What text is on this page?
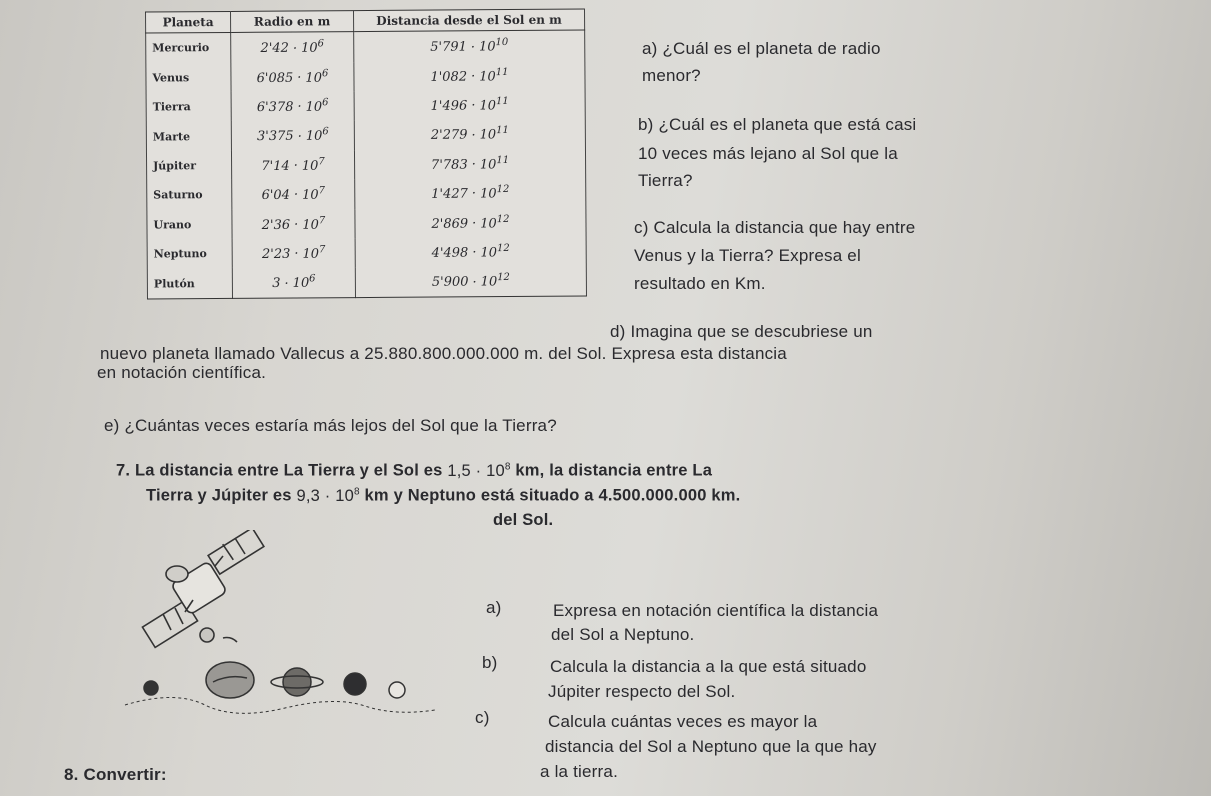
Planeta	Radio en m	Distancia desde el Sol en m
Mercurio	$2'42 \cdot 10^6$	$5'791 \cdot 10^{10}$
Venus	$6'085 \cdot 10^6$	$1'082 \cdot 10^{11}$
Tierra	$6'378 \cdot 10^6$	$1'496 \cdot 10^{11}$
Marte	$3'375 \cdot 10^6$	$2'279 \cdot 10^{11}$
Júpiter	$7'14 \cdot 10^7$	$7'783 \cdot 10^{11}$
Saturno	$6'04 \cdot 10^7$	$1'427 \cdot 10^{12}$
Urano	$2'36 \cdot 10^7$	$2'869 \cdot 10^{12}$
Neptuno	$2'23 \cdot 10^7$	$4'498 \cdot 10^{12}$
Plutón	$3 \cdot 10^6$	$5'900 \cdot 10^{12}$
a) ¿Cuál es el planeta de radio
menor?
b) ¿Cuál es el planeta que está casi
10 veces más lejano al Sol que la
Tierra?
c) Calcula la distancia que hay entre
Venus y la Tierra? Expresa el
resultado en Km.
d) Imagina que se descubriese un
nuevo planeta llamado Vallecus a 25.880.800.000.000 m. del Sol. Expresa esta distancia
en notación científica.
e) ¿Cuántas veces estaría más lejos del Sol que la Tierra?
7. La distancia entre La Tierra y el Sol es $1,5 \cdot 10^8$ km, la distancia entre La
Tierra y Júpiter es $9,3 \cdot 10^8$ km y Neptuno está situado a 4.500.000.000 km.
del Sol.
a)	Expresa en notación científica la distancia
del Sol a Neptuno.
b)	Calcula la distancia a la que está situado
Júpiter respecto del Sol.
c)	Calcula cuántas veces es mayor la
distancia del Sol a Neptuno que la que hay
a la tierra.
8. Convertir:
